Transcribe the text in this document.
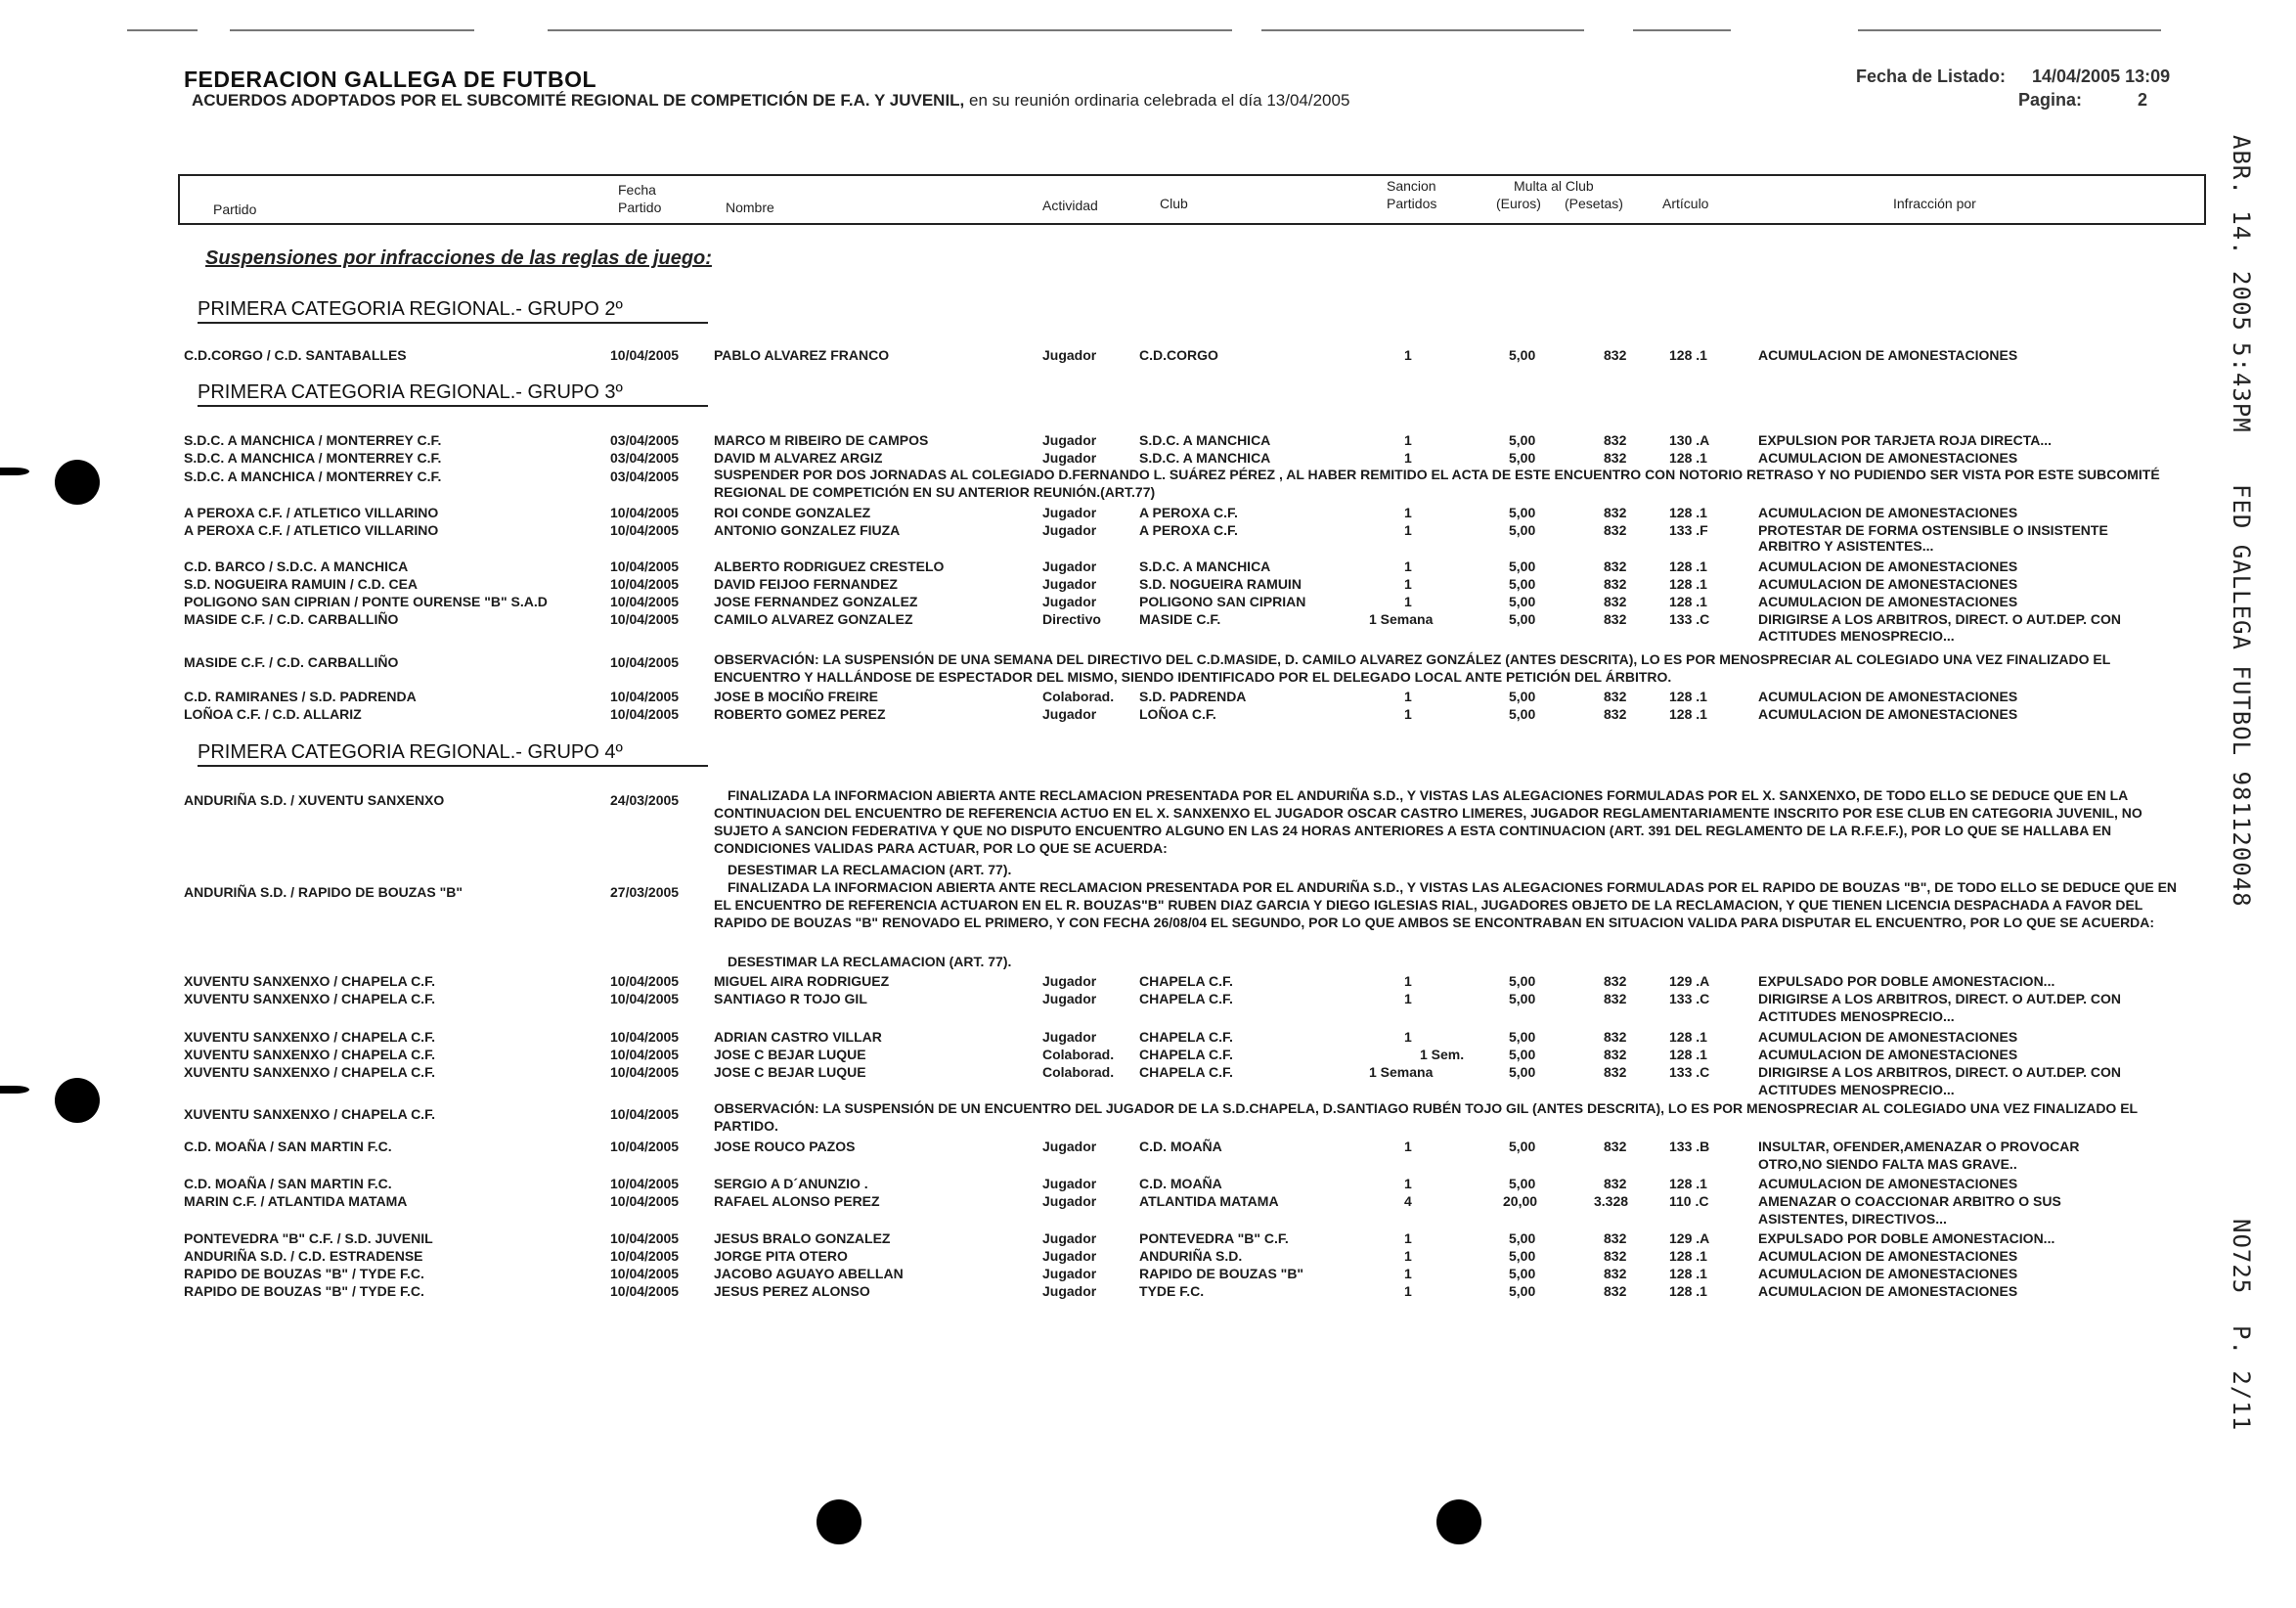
FEDERACION GALLEGA DE FUTBOL
ACUERDOS ADOPTADOS POR EL SUBCOMITÉ REGIONAL DE COMPETICIÓN DE F.A. Y JUVENIL, en su reunión ordinaria celebrada el día 13/04/2005
Fecha de Listado: 14/04/2005 13:09
Pagina:	2
ABR. 14. 2005
5:43PM
FED GALLEGA FUTBOL 981120048
NO725
P. 2/11
Partido
Fecha
Partido	Nombre	Actividad	Club
Sancion
Partidos
Multa al Club
(Euros) (Pesetas)	Artículo	Infracción por
Suspensiones por infracciones de las reglas de juego:
PRIMERA CATEGORIA REGIONAL.- GRUPO 2º
PRIMERA CATEGORIA REGIONAL.- GRUPO 3º
PRIMERA CATEGORIA REGIONAL.- GRUPO 4º
C.D.CORGO / C.D. SANTABALLES	10/04/2005	PABLO ALVAREZ FRANCO	Jugador	C.D.CORGO	1	5,00	832	128 .1	ACUMULACION DE AMONESTACIONES
S.D.C. A MANCHICA / MONTERREY C.F.	03/04/2005	MARCO M RIBEIRO DE CAMPOS	Jugador	S.D.C. A MANCHICA	1	5,00	832	130 .A	EXPULSION POR TARJETA ROJA DIRECTA...
S.D.C. A MANCHICA / MONTERREY C.F.	03/04/2005	DAVID M ALVAREZ ARGIZ	Jugador	S.D.C. A MANCHICA	1	5,00	832	128 .1	ACUMULACION DE AMONESTACIONES
S.D.C. A MANCHICA / MONTERREY C.F.	03/04/2005	SUSPENDER POR DOS JORNADAS AL COLEGIADO D.FERNANDO L. SUÁREZ PÉREZ , AL HABER REMITIDO EL ACTA DE ESTE ENCUENTRO CON NOTORIO RETRASO Y NO PUDIENDO SER VISTA POR ESTE SUBCOMITÉ REGIONAL DE COMPETICIÓN EN SU ANTERIOR REUNIÓN.(ART.77)
A PEROXA C.F. / ATLETICO VILLARINO	10/04/2005	ROI CONDE GONZALEZ	Jugador	A PEROXA C.F.	1	5,00	832	128 .1	ACUMULACION DE AMONESTACIONES
A PEROXA C.F. / ATLETICO VILLARINO	10/04/2005	ANTONIO GONZALEZ FIUZA	Jugador	A PEROXA C.F.	1	5,00	832	133 .F	PROTESTAR DE FORMA OSTENSIBLE O INSISTENTE
ARBITRO Y ASISTENTES...
C.D. BARCO / S.D.C. A MANCHICA	10/04/2005	ALBERTO RODRIGUEZ CRESTELO	Jugador	S.D.C. A MANCHICA	1	5,00	832	128 .1	ACUMULACION DE AMONESTACIONES
S.D. NOGUEIRA RAMUIN / C.D. CEA	10/04/2005	DAVID FEIJOO FERNANDEZ	Jugador	S.D. NOGUEIRA RAMUIN	1	5,00	832	128 .1	ACUMULACION DE AMONESTACIONES
POLIGONO SAN CIPRIAN / PONTE OURENSE "B" S.A.D	10/04/2005	JOSE FERNANDEZ GONZALEZ	Jugador	POLIGONO SAN CIPRIAN	1	5,00	832	128 .1	ACUMULACION DE AMONESTACIONES
MASIDE C.F. / C.D. CARBALLIÑO	10/04/2005	CAMILO ALVAREZ GONZALEZ	Directivo	MASIDE C.F.	1 Semana	5,00	832	133 .C	DIRIGIRSE A LOS ARBITROS, DIRECT. O AUT.DEP. CON
ACTITUDES MENOSPRECIO...
MASIDE C.F. / C.D. CARBALLIÑO	10/04/2005	OBSERVACIÓN: LA SUSPENSIÓN DE UNA SEMANA DEL DIRECTIVO DEL C.D.MASIDE, D. CAMILO ALVAREZ GONZÁLEZ (ANTES DESCRITA), LO ES POR MENOSPRECIAR AL COLEGIADO UNA VEZ FINALIZADO EL ENCUENTRO Y HALLÁNDOSE DE ESPECTADOR DEL MISMO, SIENDO IDENTIFICADO POR EL DELEGADO LOCAL ANTE PETICIÓN DEL ÁRBITRO.
C.D. RAMIRANES / S.D. PADRENDA	10/04/2005	JOSE B MOCIÑO FREIRE	Colaborad. S.D. PADRENDA	1	5,00	832	128 .1	ACUMULACION DE AMONESTACIONES
LOÑOA C.F. / C.D. ALLARIZ	10/04/2005	ROBERTO GOMEZ PEREZ	Jugador	LOÑOA C.F.	1	5,00	832	128 .1	ACUMULACION DE AMONESTACIONES
ANDURIÑA S.D. / XUVENTU SANXENXO	24/03/2005	FINALIZADA LA INFORMACION ABIERTA ANTE RECLAMACION PRESENTADA POR EL ANDURIÑA S.D., Y VISTAS LAS ALEGACIONES FORMULADAS POR EL X. SANXENXO, DE TODO ELLO SE DEDUCE QUE EN LA CONTINUACION DEL ENCUENTRO DE REFERENCIA ACTUO EN EL X. SANXENXO EL JUGADOR OSCAR CASTRO LIMERES, JUGADOR REGLAMENTARIAMENTE INSCRITO POR ESE CLUB EN CATEGORIA JUVENIL, NO SUJETO A SANCION FEDERATIVA Y QUE NO DISPUTO ENCUENTRO ALGUNO EN LAS 24 HORAS ANTERIORES A ESTA CONTINUACION (ART. 391 DEL REGLAMENTO DE LA R.F.E.F.), POR LO QUE SE HALLABA EN CONDICIONES VALIDAS PARA ACTUAR, POR LO QUE SE ACUERDA:
DESESTIMAR LA RECLAMACION (ART. 77).
ANDURIÑA S.D. / RAPIDO DE BOUZAS "B"	27/03/2005	FINALIZADA LA INFORMACION ABIERTA ANTE RECLAMACION PRESENTADA POR EL ANDURIÑA S.D., Y VISTAS LAS ALEGACIONES FORMULADAS POR EL RAPIDO DE BOUZAS "B", DE TODO ELLO SE DEDUCE QUE EN EL ENCUENTRO DE REFERENCIA ACTUARON EN EL R. BOUZAS"B" RUBEN DIAZ GARCIA Y DIEGO IGLESIAS RIAL, JUGADORES OBJETO DE LA RECLAMACION, Y QUE TIENEN LICENCIA DESPACHADA A FAVOR DEL RAPIDO DE BOUZAS "B" RENOVADO EL PRIMERO, Y CON FECHA 26/08/04 EL SEGUNDO, POR LO QUE AMBOS SE ENCONTRABAN EN SITUACION VALIDA PARA DISPUTAR EL ENCUENTRO, POR LO QUE SE ACUERDA:
DESESTIMAR LA RECLAMACION (ART. 77).
XUVENTU SANXENXO / CHAPELA C.F.	10/04/2005	MIGUEL AIRA RODRIGUEZ	Jugador	CHAPELA C.F.	1	5,00	832	129 .A	EXPULSADO POR DOBLE AMONESTACION...
XUVENTU SANXENXO / CHAPELA C.F.	10/04/2005	SANTIAGO R TOJO GIL	Jugador	CHAPELA C.F.	1	5,00	832	133 .C	DIRIGIRSE A LOS ARBITROS, DIRECT. O AUT.DEP. CON
ACTITUDES MENOSPRECIO...
XUVENTU SANXENXO / CHAPELA C.F.	10/04/2005	ADRIAN CASTRO VILLAR	Jugador	CHAPELA C.F.	1	5,00	832	128 .1	ACUMULACION DE AMONESTACIONES
XUVENTU SANXENXO / CHAPELA C.F.	10/04/2005	JOSE C BEJAR LUQUE	Colaborad. CHAPELA C.F.	1 Sem.	5,00	832	128 .1	ACUMULACION DE AMONESTACIONES
XUVENTU SANXENXO / CHAPELA C.F.	10/04/2005	JOSE C BEJAR LUQUE	Colaborad. CHAPELA C.F.	1 Semana	5,00	832	133 .C	DIRIGIRSE A LOS ARBITROS, DIRECT. O AUT.DEP. CON
ACTITUDES MENOSPRECIO...
XUVENTU SANXENXO / CHAPELA C.F.	10/04/2005	OBSERVACIÓN: LA SUSPENSIÓN DE UN ENCUENTRO DEL JUGADOR DE LA S.D.CHAPELA, D.SANTIAGO RUBÉN TOJO GIL (ANTES DESCRITA), LO ES POR MENOSPRECIAR AL COLEGIADO UNA VEZ FINALIZADO EL PARTIDO.
C.D. MOAÑA / SAN MARTIN F.C.	10/04/2005	JOSE ROUCO PAZOS	Jugador	C.D. MOAÑA	1	5,00	832	133 .B	INSULTAR, OFENDER,AMENAZAR O PROVOCAR
OTRO,NO SIENDO FALTA MAS GRAVE..
C.D. MOAÑA / SAN MARTIN F.C.	10/04/2005	SERGIO A D´ANUNZIO .	Jugador	C.D. MOAÑA	1	5,00	832	128 .1	ACUMULACION DE AMONESTACIONES
MARIN C.F. / ATLANTIDA MATAMA	10/04/2005	RAFAEL ALONSO PEREZ	Jugador	ATLANTIDA MATAMA	4	20,00	3.328	110 .C	AMENAZAR O COACCIONAR ARBITRO O SUS
ASISTENTES, DIRECTIVOS...
PONTEVEDRA "B" C.F. / S.D. JUVENIL	10/04/2005	JESUS BRALO GONZALEZ	Jugador	PONTEVEDRA "B" C.F.	1	5,00	832	129 .A	EXPULSADO POR DOBLE AMONESTACION...
ANDURIÑA S.D. / C.D. ESTRADENSE	10/04/2005	JORGE PITA OTERO	Jugador	ANDURIÑA S.D.	1	5,00	832	128 .1	ACUMULACION DE AMONESTACIONES
RAPIDO DE BOUZAS "B" / TYDE F.C.	10/04/2005	JACOBO AGUAYO ABELLAN	Jugador	RAPIDO DE BOUZAS "B"	1	5,00	832	128 .1	ACUMULACION DE AMONESTACIONES
RAPIDO DE BOUZAS "B" / TYDE F.C.	10/04/2005	JESUS PEREZ ALONSO	Jugador	TYDE F.C.	1	5,00	832	128 .1	ACUMULACION DE AMONESTACIONES
